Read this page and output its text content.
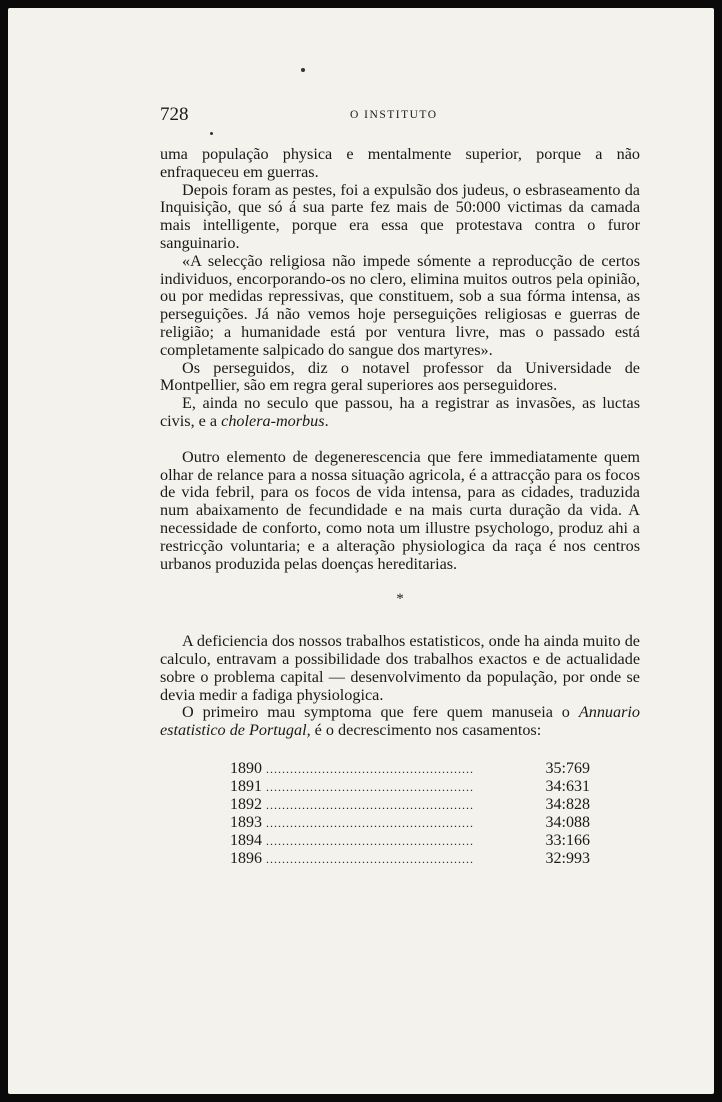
728	O INSTITUTO

uma população physica e mentalmente superior, porque a não enfraqueceu em guerras.

Depois foram as pestes, foi a expulsão dos judeus, o esbraseamento da Inquisição, que só á sua parte fez mais de 50:000 victimas da camada mais intelligente, porque era essa que protestava contra o furor sanguinario.

«A selecção religiosa não impede sómente a reproducção de certos individuos, encorporando-os no clero, elimina muitos outros pela opinião, ou por medidas repressivas, que constituem, sob a sua fórma intensa, as perseguições. Já não vemos hoje perseguições religiosas e guerras de religião; a humanidade está por ventura livre, mas o passado está completamente salpicado do sangue dos martyres».

Os perseguidos, diz o notavel professor da Universidade de Montpellier, são em regra geral superiores aos perseguidores.

E, ainda no seculo que passou, ha a registrar as invasões, as luctas civis, e a cholera-morbus.

Outro elemento de degenerescencia que fere immediatamente quem olhar de relance para a nossa situação agricola, é a attracção para os focos de vida febril, para os focos de vida intensa, para as cidades, traduzida num abaixamento de fecundidade e na mais curta duração da vida. A necessidade de conforto, como nota um illustre psychologo, produz ahi a restricção voluntaria; e a alteração physiologica da raça é nos centros urbanos produzida pelas doenças hereditarias.

*

A deficiencia dos nossos trabalhos estatisticos, onde ha ainda muito de calculo, entravam a possibilidade dos trabalhos exactos e de actualidade sobre o problema capital — desenvolvimento da população, por onde se devia medir a fadiga physiologica.

O primeiro mau symptoma que fere quem manuseia o Annuario estatistico de Portugal, é o decrescimento nos casamentos:

1890 ....................................................	35:769
1891 ....................................................	34:631
1892 ....................................................	34:828
1893 ....................................................	34:088
1894 ....................................................	33:166
1896 ....................................................	32:993
